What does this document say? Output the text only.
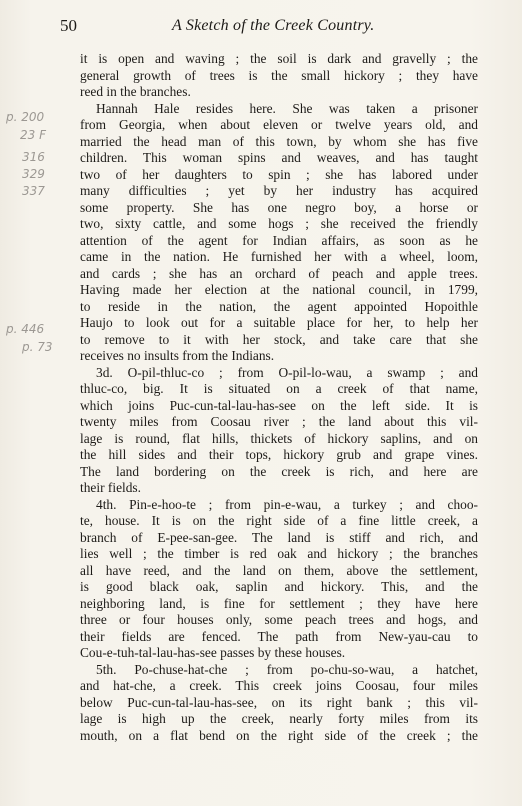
50	A Sketch of the Creek Country.
p. 200
23 F
316
329
337
p. 446
p. 73
it is open and waving ; the soil is dark and gravelly ; the
general growth of trees is the small hickory ; they have
reed in the branches.
Hannah Hale resides here. She was taken a prisoner
from Georgia, when about eleven or twelve years old, and
married the head man of this town, by whom she has five
children. This woman spins and weaves, and has taught
two of her daughters to spin ; she has labored under
many difficulties ; yet by her industry has acquired
some property. She has one negro boy, a horse or
two, sixty cattle, and some hogs ; she received the friendly
attention of the agent for Indian affairs, as soon as he
came in the nation. He furnished her with a wheel, loom,
and cards ; she has an orchard of peach and apple trees.
Having made her election at the national council, in 1799,
to reside in the nation, the agent appointed Hopoithle
Haujo to look out for a suitable place for her, to help her
to remove to it with her stock, and take care that she
receives no insults from the Indians.
3d. O-pil-thluc-co ; from O-pil-lo-wau, a swamp ; and
thluc-co, big. It is situated on a creek of that name,
which joins Puc-cun-tal-lau-has-see on the left side. It is
twenty miles from Coosau river ; the land about this vil-
lage is round, flat hills, thickets of hickory saplins, and on
the hill sides and their tops, hickory grub and grape vines.
The land bordering on the creek is rich, and here are
their fields.
4th. Pin-e-hoo-te ; from pin-e-wau, a turkey ; and choo-
te, house. It is on the right side of a fine little creek, a
branch of E-pee-san-gee. The land is stiff and rich, and
lies well ; the timber is red oak and hickory ; the branches
all have reed, and the land on them, above the settlement,
is good black oak, saplin and hickory. This, and the
neighboring land, is fine for settlement ; they have here
three or four houses only, some peach trees and hogs, and
their fields are fenced. The path from New-yau-cau to
Cou-e-tuh-tal-lau-has-see passes by these houses.
5th. Po-chuse-hat-che ; from po-chu-so-wau, a hatchet,
and hat-che, a creek. This creek joins Coosau, four miles
below Puc-cun-tal-lau-has-see, on its right bank ; this vil-
lage is high up the creek, nearly forty miles from its
mouth, on a flat bend on the right side of the creek ; the
